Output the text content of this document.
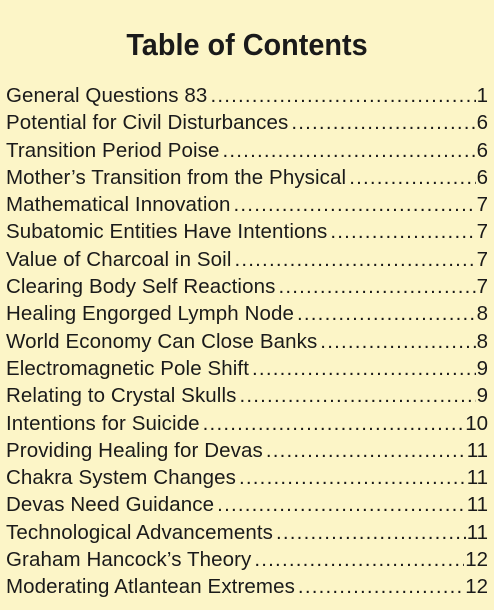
Table of Contents
General Questions 83 .....	1
Potential for Civil Disturbances .....	6
Transition Period Poise .....	6
Mother’s Transition from the Physical .....	6
Mathematical Innovation .....	7
Subatomic Entities Have Intentions .....	7
Value of Charcoal in Soil .....	7
Clearing Body Self Reactions .....	7
Healing Engorged Lymph Node .....	8
World Economy Can Close Banks .....	8
Electromagnetic Pole Shift .....	9
Relating to Crystal Skulls .....	9
Intentions for Suicide .....	10
Providing Healing for Devas .....	11
Chakra System Changes .....	11
Devas Need Guidance .....	11
Technological Advancements .....	11
Graham Hancock’s Theory .....	12
Moderating Atlantean Extremes .....	12
